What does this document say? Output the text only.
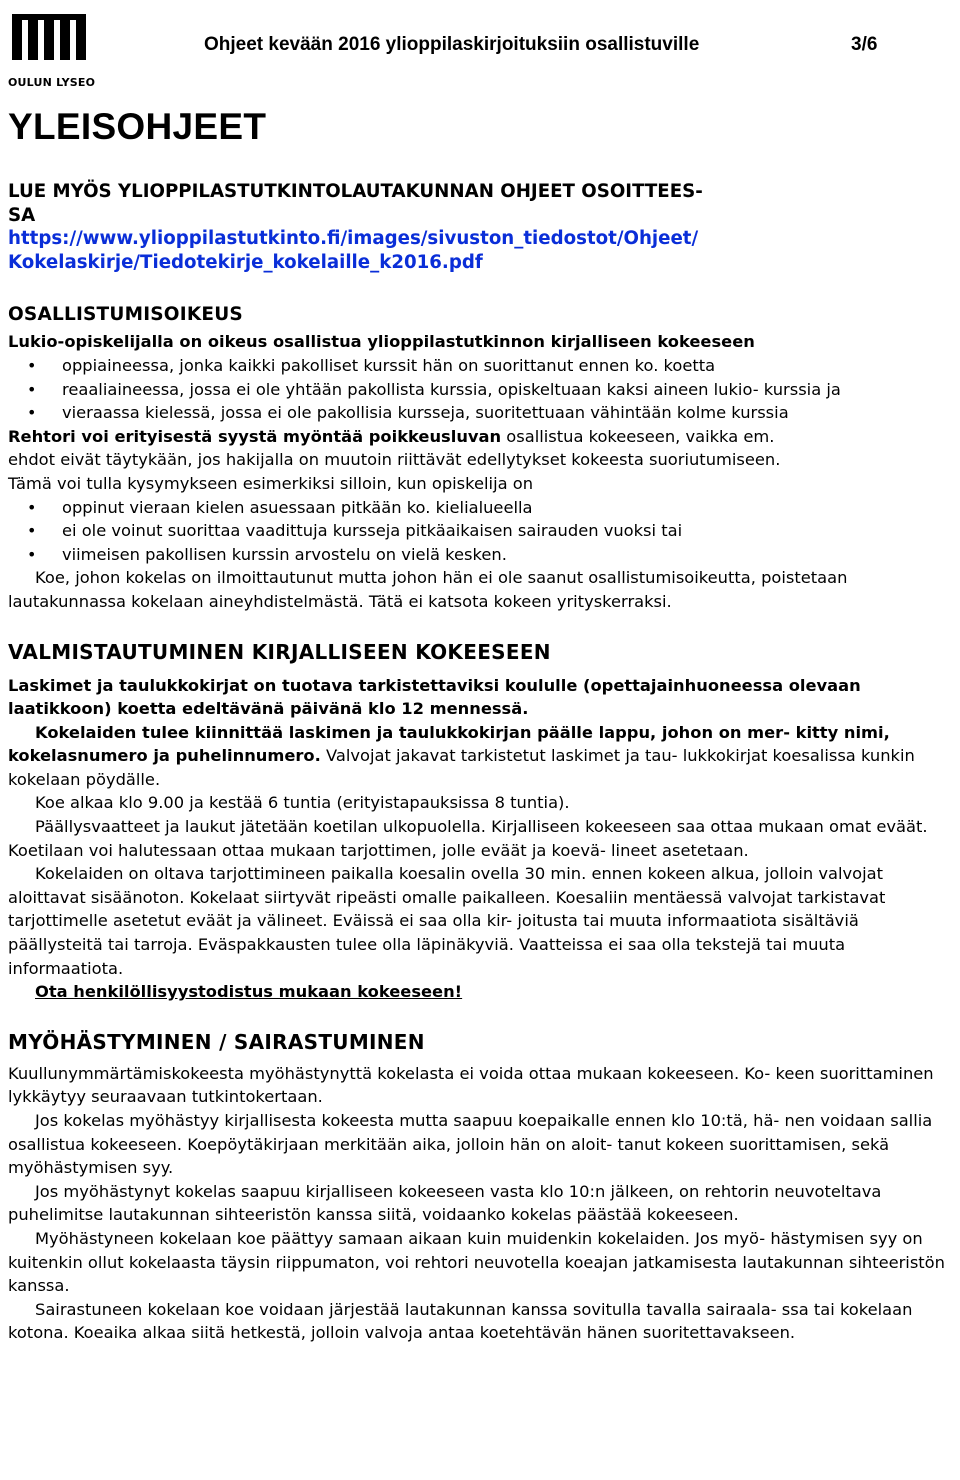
OULUN LYSEO
Ohjeet kevään 2016 ylioppilaskirjoituksiin osallistuville	3/6
YLEISOHJEET

LUE MYÖS YLIOPPILASTUTKINTOLAUTAKUNNAN OHJEET OSOITTEES-

SA

https://www.ylioppilastutkinto.fi/images/sivuston_tiedostot/Ohjeet/

Kokelaskirje/Tiedotekirje_kokelaille_k2016.pdf

OSALLISTUMISOIKEUS

Lukio-opiskelijalla on oikeus osallistua ylioppilastutkinnon kirjalliseen kokeeseen

• oppiaineessa, jonka kaikki pakolliset kurssit hän on suorittanut ennen ko. koetta
• reaaliaineessa, jossa ei ole yhtään pakollista kurssia, opiskeltuaan kaksi aineen lukio- kurssia ja
• vieraassa kielessä, jossa ei ole pakollisia kursseja, suoritettuaan vähintään kolme kurssia

Rehtori voi erityisestä syystä myöntää poikkeusluvan osallistua kokeeseen, vaikka em.

ehdot eivät täytykään, jos hakijalla on muutoin riittävät edellytykset kokeesta suoriutumiseen.

Tämä voi tulla kysymykseen esimerkiksi silloin, kun opiskelija on

• oppinut vieraan kielen asuessaan pitkään ko. kielialueella
• ei ole voinut suorittaa vaadittuja kursseja pitkäaikaisen sairauden vuoksi tai
• viimeisen pakollisen kurssin arvostelu on vielä kesken.

Koe, johon kokelas on ilmoittautunut mutta johon hän ei ole saanut osallistumisoikeutta, poistetaan lautakunnassa kokelaan aineyhdistelmästä. Tätä ei katsota kokeen yrityskerraksi.

VALMISTAUTUMINEN KIRJALLISEEN KOKEESEEN

Laskimet ja taulukkokirjat on tuotava tarkistettaviksi koululle (opettajainhuoneessa olevaan laatikkoon) koetta edeltävänä päivänä klo 12 mennessä.

Kokelaiden tulee kiinnittää laskimen ja taulukkokirjan päälle lappu, johon on mer- kitty nimi, kokelasnumero ja puhelinnumero. Valvojat jakavat tarkistetut laskimet ja tau- lukkokirjat koesalissa kunkin kokelaan pöydälle.

Koe alkaa klo 9.00 ja kestää 6 tuntia (erityistapauksissa 8 tuntia).

Päällysvaatteet ja laukut jätetään koetilan ulkopuolella. Kirjalliseen kokeeseen saa ottaa mukaan omat eväät. Koetilaan voi halutessaan ottaa mukaan tarjottimen, jolle eväät ja koevä- lineet asetetaan.

Kokelaiden on oltava tarjottimineen paikalla koesalin ovella 30 min. ennen kokeen alkua, jolloin valvojat aloittavat sisäänoton. Kokelaat siirtyvät ripeästi omalle paikalleen. Koesaliin mentäessä valvojat tarkistavat tarjottimelle asetetut eväät ja välineet. Eväissä ei saa olla kir- joitusta tai muuta informaatiota sisältäviä päällysteitä tai tarroja. Eväspakkausten tulee olla läpinäkyviä. Vaatteissa ei saa olla tekstejä tai muuta informaatiota.

Ota henkilöllisyystodistus mukaan kokeeseen!

MYÖHÄSTYMINEN / SAIRASTUMINEN

Kuullunymmärtämiskokeesta myöhästynyttä kokelasta ei voida ottaa mukaan kokeeseen. Ko- keen suorittaminen lykkäytyy seuraavaan tutkintokertaan.

Jos kokelas myöhästyy kirjallisesta kokeesta mutta saapuu koepaikalle ennen klo 10:tä, hä- nen voidaan sallia osallistua kokeeseen. Koepöytäkirjaan merkitään aika, jolloin hän on aloit- tanut kokeen suorittamisen, sekä myöhästymisen syy.

Jos myöhästynyt kokelas saapuu kirjalliseen kokeeseen vasta klo 10:n jälkeen, on rehtorin neuvoteltava puhelimitse lautakunnan sihteeristön kanssa siitä, voidaanko kokelas päästää kokeeseen.

Myöhästyneen kokelaan koe päättyy samaan aikaan kuin muidenkin kokelaiden. Jos myö- hästymisen syy on kuitenkin ollut kokelaasta täysin riippumaton, voi rehtori neuvotella koeajan jatkamisesta lautakunnan sihteeristön kanssa.

Sairastuneen kokelaan koe voidaan järjestää lautakunnan kanssa sovitulla tavalla sairaala- ssa tai kokelaan kotona. Koeaika alkaa siitä hetkestä, jolloin valvoja antaa koetehtävän hänen suoritettavakseen.
